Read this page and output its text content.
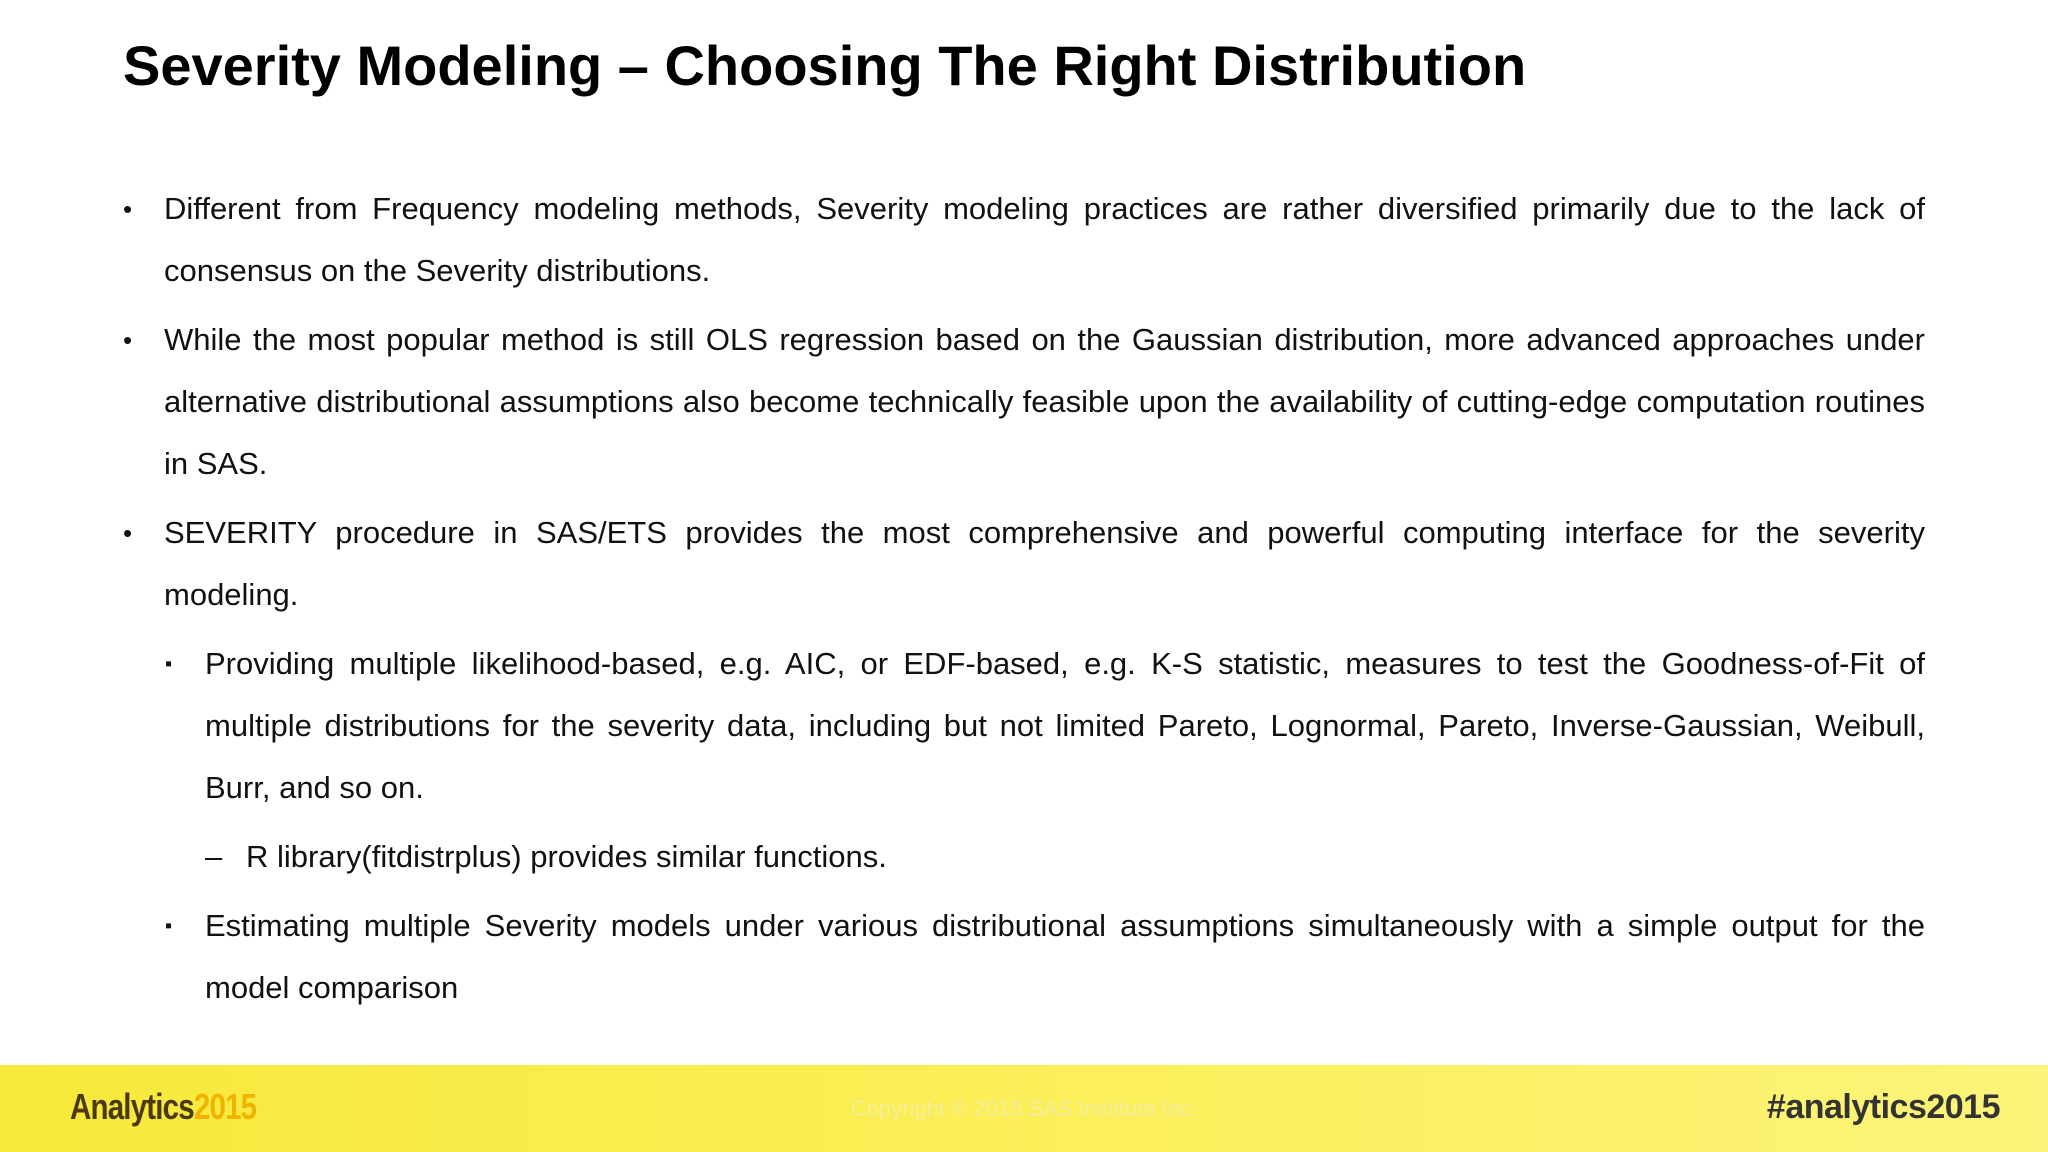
Severity Modeling – Choosing The Right Distribution
• Different from Frequency modeling methods, Severity modeling practices are rather diversified primarily due to the lack of consensus on the Severity distributions.
• While the most popular method is still OLS regression based on the Gaussian distribution, more advanced approaches under alternative distributional assumptions also become technically feasible upon the availability of cutting-edge computation routines in SAS.
• SEVERITY procedure in SAS/ETS provides the most comprehensive and powerful computing interface for the severity modeling.
▪ Providing multiple likelihood-based, e.g. AIC, or EDF-based, e.g. K-S statistic, measures to test the Goodness-of-Fit of multiple distributions for the severity data, including but not limited Pareto, Lognormal, Pareto, Inverse-Gaussian, Weibull, Burr, and so on.
– R library(fitdistrplus) provides similar functions.
▪ Estimating multiple Severity models under various distributional assumptions simultaneously with a simple output for the model comparison
Analytics2015	Copyright © 2015 SAS Institute Inc.	#analytics2015
